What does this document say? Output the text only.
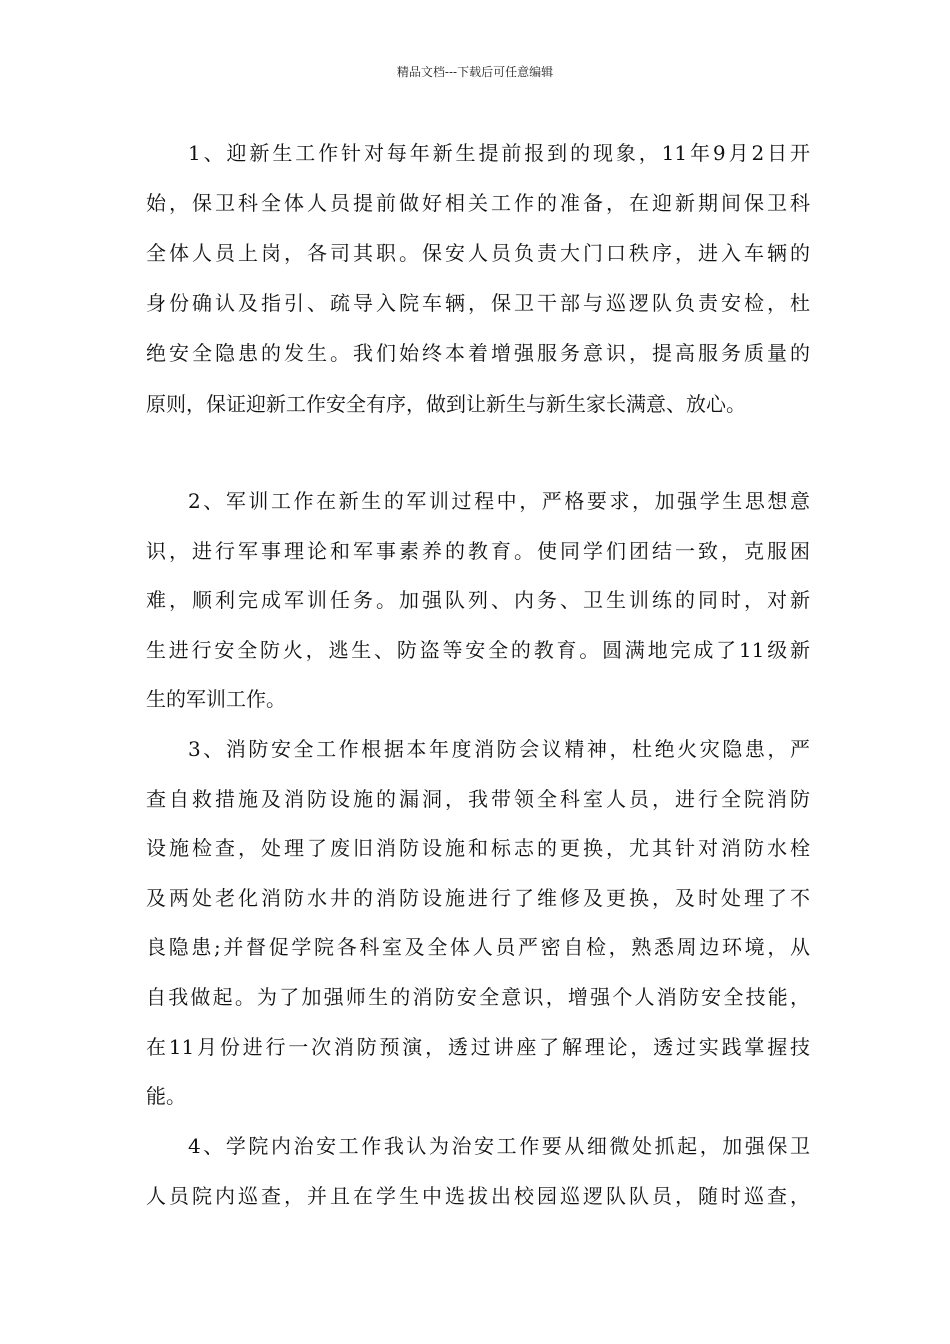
精品文档---下载后可任意编辑
1、迎新生工作针对每年新生提前报到的现象，11年9月2日开
始，保卫科全体人员提前做好相关工作的准备，在迎新期间保卫科
全体人员上岗，各司其职。保安人员负责大门口秩序，进入车辆的
身份确认及指引、疏导入院车辆，保卫干部与巡逻队负责安检，杜
绝安全隐患的发生。我们始终本着增强服务意识，提高服务质量的
原则，保证迎新工作安全有序，做到让新生与新生家长满意、放心。
2、军训工作在新生的军训过程中，严格要求，加强学生思想意
识，进行军事理论和军事素养的教育。使同学们团结一致，克服困
难，顺利完成军训任务。加强队列、内务、卫生训练的同时，对新
生进行安全防火，逃生、防盗等安全的教育。圆满地完成了11级新
生的军训工作。
3、消防安全工作根据本年度消防会议精神，杜绝火灾隐患，严
查自救措施及消防设施的漏洞，我带领全科室人员，进行全院消防
设施检查，处理了废旧消防设施和标志的更换，尤其针对消防水栓
及两处老化消防水井的消防设施进行了维修及更换，及时处理了不
良隐患;并督促学院各科室及全体人员严密自检，熟悉周边环境，从
自我做起。为了加强师生的消防安全意识，增强个人消防安全技能，
在11月份进行一次消防预演，透过讲座了解理论，透过实践掌握技
能。
4、学院内治安工作我认为治安工作要从细微处抓起，加强保卫
人员院内巡查，并且在学生中选拔出校园巡逻队队员，随时巡查，
